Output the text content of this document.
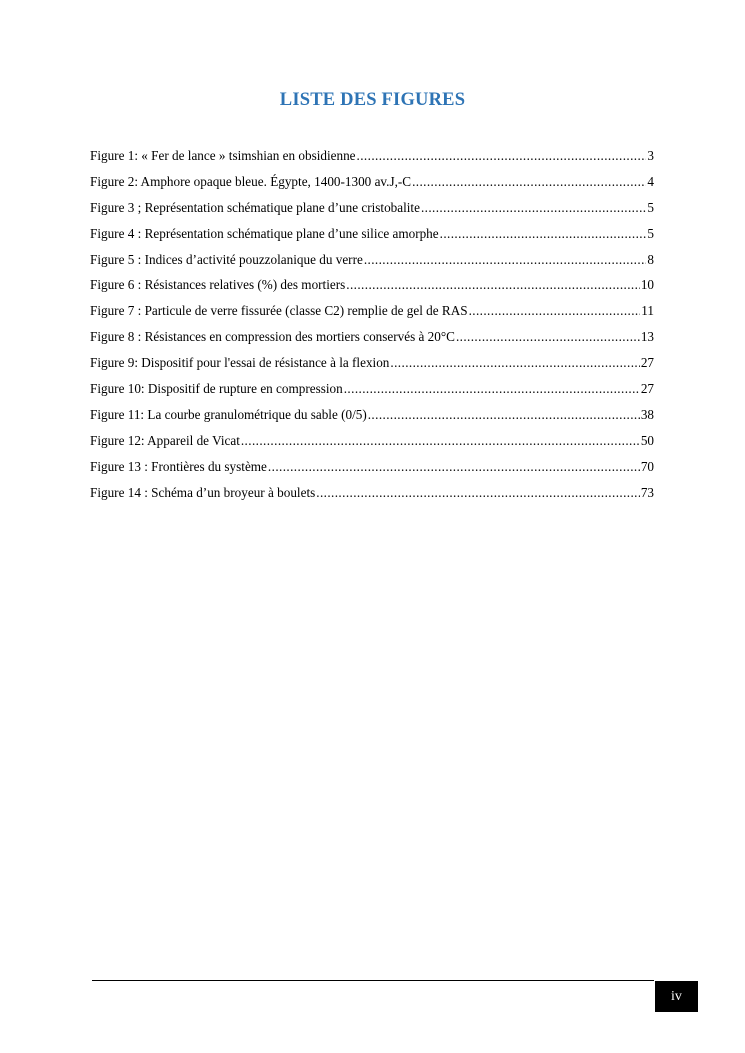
LISTE DES FIGURES
Figure 1: « Fer de lance » tsimshian en obsidienne .....	3
Figure 2: Amphore opaque bleue. Égypte, 1400-1300 av.J,-C .....	4
Figure 3 ; Représentation schématique plane d’une cristobalite .....	5
Figure 4 : Représentation schématique plane d’une silice amorphe .....	5
Figure 5 : Indices d’activité pouzzolanique du verre .....	8
Figure 6 : Résistances relatives (%) des mortiers .....	10
Figure 7 : Particule de verre fissurée (classe C2) remplie de gel de RAS .....	11
Figure 8 : Résistances en compression des mortiers conservés à 20°C .....	13
Figure 9: Dispositif pour l'essai de résistance à la flexion .....	27
Figure 10: Dispositif de rupture en compression .....	27
Figure 11: La courbe granulométrique du sable (0/5) .....	38
Figure 12: Appareil de Vicat .....	50
Figure 13 : Frontières du système .....	70
Figure 14 : Schéma d’un broyeur à boulets .....	73
iv
